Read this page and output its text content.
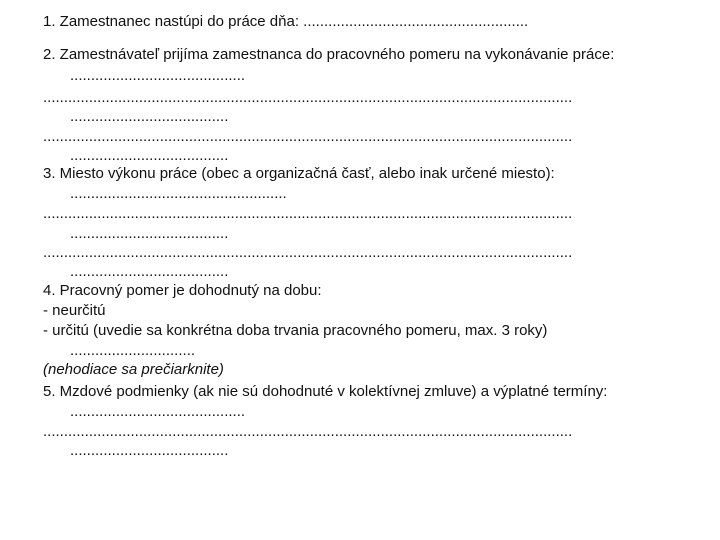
1. Zamestnanec nastúpi do práce dňa: ......................................................
2. Zamestnávateľ prijíma zamestnanca do pracovného pomeru na vykonávanie práce:
..........................................
...............................................................................................................................
......................................
...............................................................................................................................
......................................
3. Miesto výkonu práce (obec a organizačná časť, alebo inak určené miesto):
....................................................
...............................................................................................................................
......................................
...............................................................................................................................
......................................
4. Pracovný pomer je dohodnutý na dobu:
- neurčitú
- určitú (uvedie sa konkrétna doba trvania pracovného pomeru, max. 3 roky)
..............................
(nehodiace sa prečiarknite)
5. Mzdové podmienky (ak nie sú dohodnuté v kolektívnej zmluve) a výplatné termíny:
..........................................
...............................................................................................................................
......................................
